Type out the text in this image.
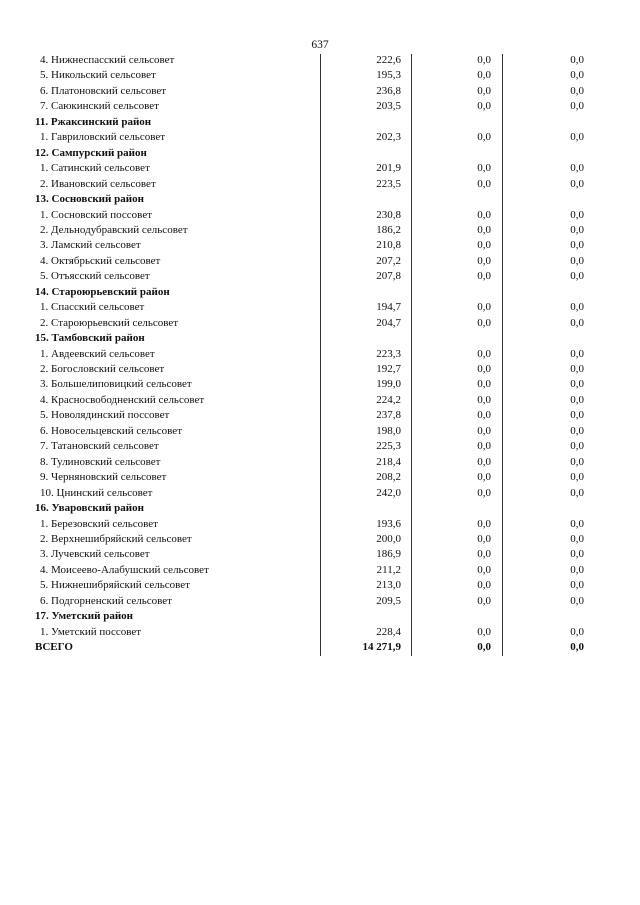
637
4. Нижнеспасский сельсовет	222,6	0,0	0,0
5. Никольский сельсовет	195,3	0,0	0,0
6. Платоновский сельсовет	236,8	0,0	0,0
7. Саюкинский сельсовет	203,5	0,0	0,0
11. Ржаксинский район
1. Гавриловский сельсовет	202,3	0,0	0,0
12. Сампурский район
1. Сатинский сельсовет	201,9	0,0	0,0
2. Ивановский сельсовет	223,5	0,0	0,0
13. Сосновский район
1. Сосновский поссовет	230,8	0,0	0,0
2. Дельнодубравский сельсовет	186,2	0,0	0,0
3. Ламский сельсовет	210,8	0,0	0,0
4. Октябрьский сельсовет	207,2	0,0	0,0
5. Отъясский сельсовет	207,8	0,0	0,0
14. Староюрьевский район
1. Спасский сельсовет	194,7	0,0	0,0
2. Староюрьевский сельсовет	204,7	0,0	0,0
15. Тамбовский район
1. Авдеевский сельсовет	223,3	0,0	0,0
2. Богословский сельсовет	192,7	0,0	0,0
3. Большелиповицкий сельсовет	199,0	0,0	0,0
4. Красносвободненский сельсовет	224,2	0,0	0,0
5. Новолядинский поссовет	237,8	0,0	0,0
6. Новосельцевский сельсовет	198,0	0,0	0,0
7. Татановский сельсовет	225,3	0,0	0,0
8. Тулиновский сельсовет	218,4	0,0	0,0
9. Черняновский сельсовет	208,2	0,0	0,0
10. Цнинский сельсовет	242,0	0,0	0,0
16. Уваровский район
1. Березовский сельсовет	193,6	0,0	0,0
2. Верхнешибряйский сельсовет	200,0	0,0	0,0
3. Лучевский сельсовет	186,9	0,0	0,0
4. Моисеево-Алабушский сельсовет	211,2	0,0	0,0
5. Нижнешибряйский сельсовет	213,0	0,0	0,0
6. Подгорненский сельсовет	209,5	0,0	0,0
17. Уметский район
1. Уметский поссовет	228,4	0,0	0,0
ВСЕГО	14 271,9	0,0	0,0
